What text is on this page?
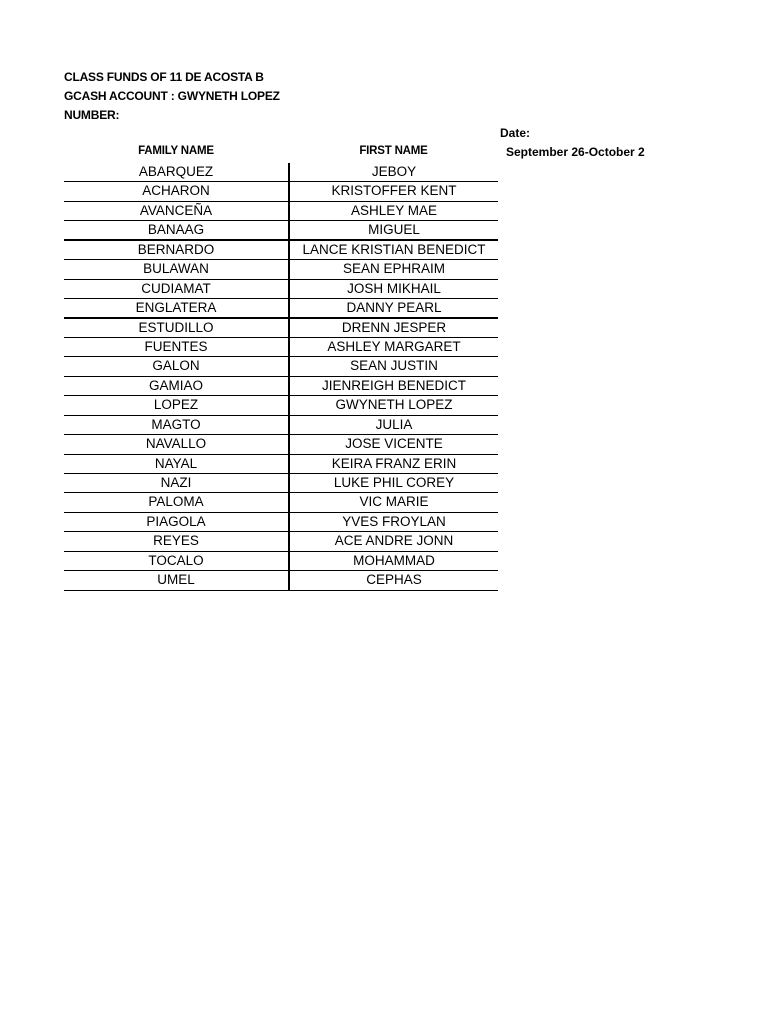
CLASS FUNDS OF 11 DE ACOSTA B
GCASH ACCOUNT : GWYNETH LOPEZ
NUMBER:
Date:
September 26-October 2
FAMILY NAME	FIRST NAME
ABARQUEZ	JEBOY
ACHARON	KRISTOFFER KENT
AVANCEÑA	ASHLEY MAE
BANAAG	MIGUEL
BERNARDO	LANCE KRISTIAN BENEDICT
BULAWAN	SEAN EPHRAIM
CUDIAMAT	JOSH MIKHAIL
ENGLATERA	DANNY PEARL
ESTUDILLO	DRENN JESPER
FUENTES	ASHLEY MARGARET
GALON	SEAN JUSTIN
GAMIAO	JIENREIGH BENEDICT
LOPEZ	GWYNETH LOPEZ
MAGTO	JULIA
NAVALLO	JOSE VICENTE
NAYAL	KEIRA FRANZ ERIN
NAZI	LUKE PHIL COREY
PALOMA	VIC MARIE
PIAGOLA	YVES FROYLAN
REYES	ACE ANDRE JONN
TOCALO	MOHAMMAD
UMEL	CEPHAS
